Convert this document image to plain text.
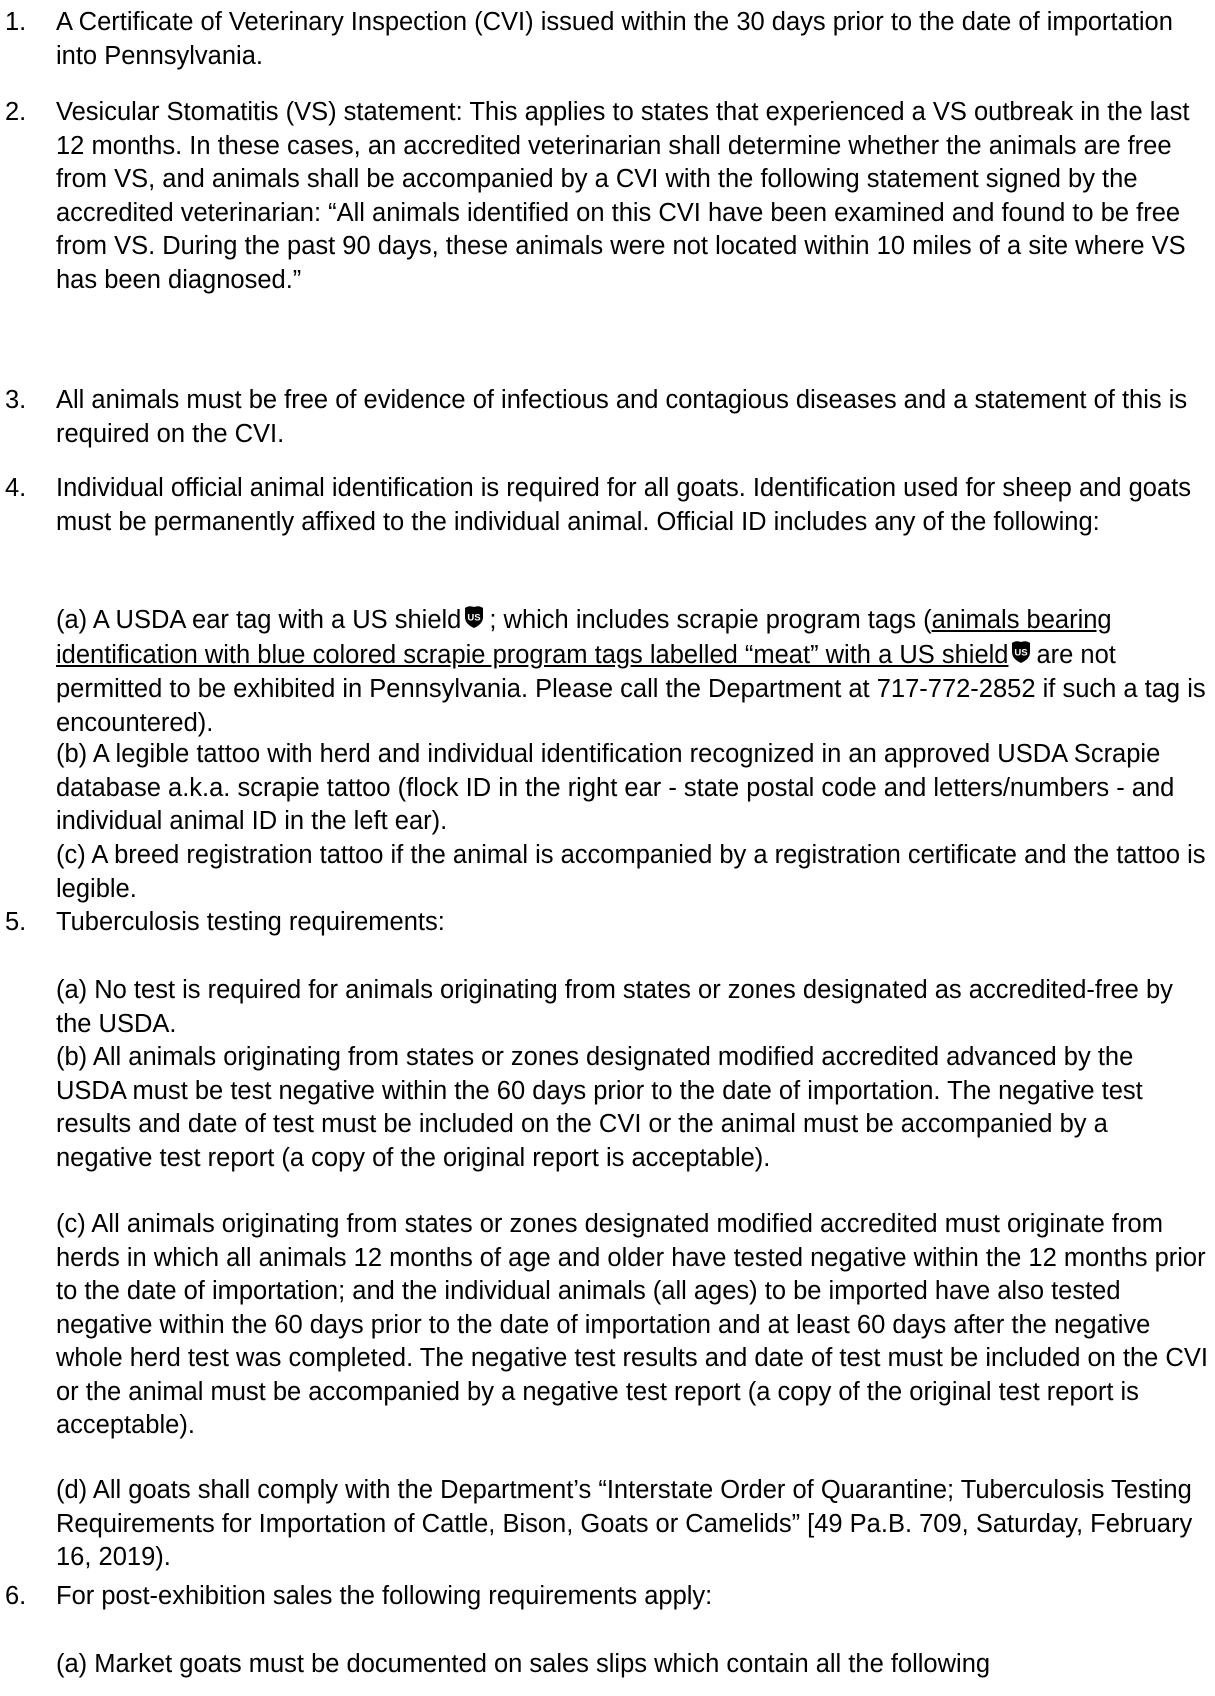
1. A Certificate of Veterinary Inspection (CVI) issued within the 30 days prior to the date of importation into Pennsylvania.

2. Vesicular Stomatitis (VS) statement: This applies to states that experienced a VS outbreak in the last 12 months. In these cases, an accredited veterinarian shall determine whether the animals are free from VS, and animals shall be accompanied by a CVI with the following statement signed by the accredited veterinarian: “All animals identified on this CVI have been examined and found to be free from VS. During the past 90 days, these animals were not located within 10 miles of a site where VS has been diagnosed.”

3. All animals must be free of evidence of infectious and contagious diseases and a statement of this is required on the CVI.

4. Individual official animal identification is required for all goats. Identification used for sheep and goats must be permanently affixed to the individual animal. Official ID includes any of the following:

(a) A USDA ear tag with a US shield US ; which includes scrapie program tags (animals bearing identification with blue colored scrapie program tags labelled “meat” with a US shield US are not permitted to be exhibited in Pennsylvania. Please call the Department at 717-772-2852 if such a tag is encountered).

(b) A legible tattoo with herd and individual identification recognized in an approved USDA Scrapie database a.k.a. scrapie tattoo (flock ID in the right ear - state postal code and letters/numbers - and individual animal ID in the left ear).

(c) A breed registration tattoo if the animal is accompanied by a registration certificate and the tattoo is legible.

5. Tuberculosis testing requirements:

(a) No test is required for animals originating from states or zones designated as accredited-free by the USDA.

(b) All animals originating from states or zones designated modified accredited advanced by the USDA must be test negative within the 60 days prior to the date of importation. The negative test results and date of test must be included on the CVI or the animal must be accompanied by a negative test report (a copy of the original report is acceptable).

(c) All animals originating from states or zones designated modified accredited must originate from herds in which all animals 12 months of age and older have tested negative within the 12 months prior to the date of importation; and the individual animals (all ages) to be imported have also tested negative within the 60 days prior to the date of importation and at least 60 days after the negative whole herd test was completed. The negative test results and date of test must be included on the CVI or the animal must be accompanied by a negative test report (a copy of the original test report is acceptable).

(d) All goats shall comply with the Department’s “Interstate Order of Quarantine; Tuberculosis Testing Requirements for Importation of Cattle, Bison, Goats or Camelids” [49 Pa.B. 709, Saturday, February 16, 2019).

6. For post-exhibition sales the following requirements apply:

(a) Market goats must be documented on sales slips which contain all the following
